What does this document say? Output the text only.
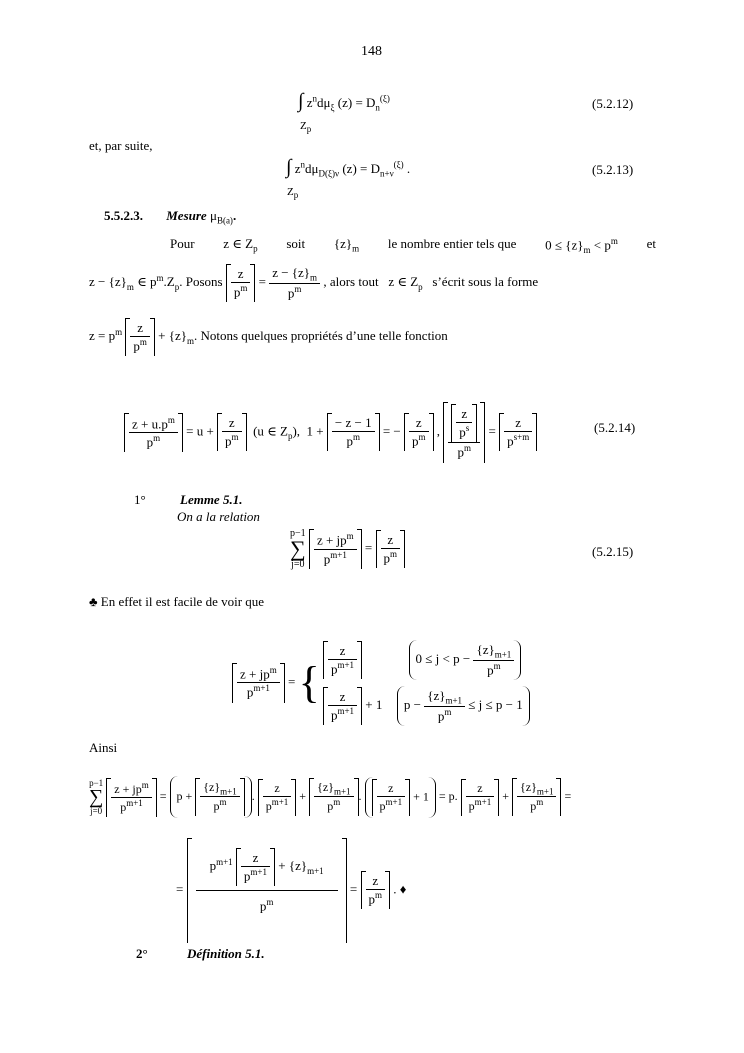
148
∫ $z^nd\mu_\xi$ $(z) = D_n^{(\xi)}$
$Z_p$
(5.2.12)
et, par suite,
∫ $z^nd\mu_{D(\xi)\nu}$ $(z) = D_{n+\nu}^{(\xi)}$ .
$Z_p$
(5.2.13)
5.5.2.3. Mesure $\mu_{B(a)}$.
Pour z ∈ $Z_p$ soit $\{z\}_m$ le nombre entier tels que $0 \le \{z\}_m < p^m$ et
$z - \{z\}_m$ ∈ $p^m.Z_p$. Posons $\frac{z}{p^m} = \frac{z - \{z\}_m}{p^m}$ , alors tout z ∈ $Z_p$ s’écrit sous la forme
$z = p^m \frac{z}{p^m} + \{z\}_m$. Notons quelques propriétés d’une telle fonction
$\frac{z + u.p^m}{p^m} = u + \frac{z}{p^m} (u$ ∈ $Z_p$),  $1 + \frac{- z - 1}{p^m}$ = − $\frac{z}{p^m}$ , $\frac{\frac{z}{p^s}}{p^m} = \frac{z}{p^{s+m}}$	(5.2.14)
1°	Lemme 5.1.
On a la relation
p−1
∑
$j=0 \frac{z + jp^m}{p^{m+1}} = \frac{z}{p^m}$	(5.2.15)
♣ En effet il est facile de voir que
$\frac{z + jp^m}{p^{m+1}}$ = { $\frac{z}{p^{m+1}}$	$0 \le j < p - \frac{\{z\}_{m+1}}{p^m}$
$\frac{z}{p^{m+1}} + 1$  $p - \frac{\{z\}_{m+1}}{p^m} \le j \le p - 1$
Ainsi
p−1
∑
$j=0 \frac{z + jp^m}{p^{m+1}} = p + \frac{\{z\}_{m+1}}{p^m}$ . $\frac{z}{p^{m+1}} + \frac{\{z\}_{m+1}}{p^m}$ . $\frac{z}{p^{m+1}} + 1 = p$. $\frac{z}{p^{m+1}} + \frac{\{z\}_{m+1}}{p^m}$ =
= $\frac{p^{m+1} \frac{z}{p^{m+1}} + \{z\}_{m+1}}{p^m} = \frac{z}{p^m}$ . ♦
2°	Définition 5.1.
